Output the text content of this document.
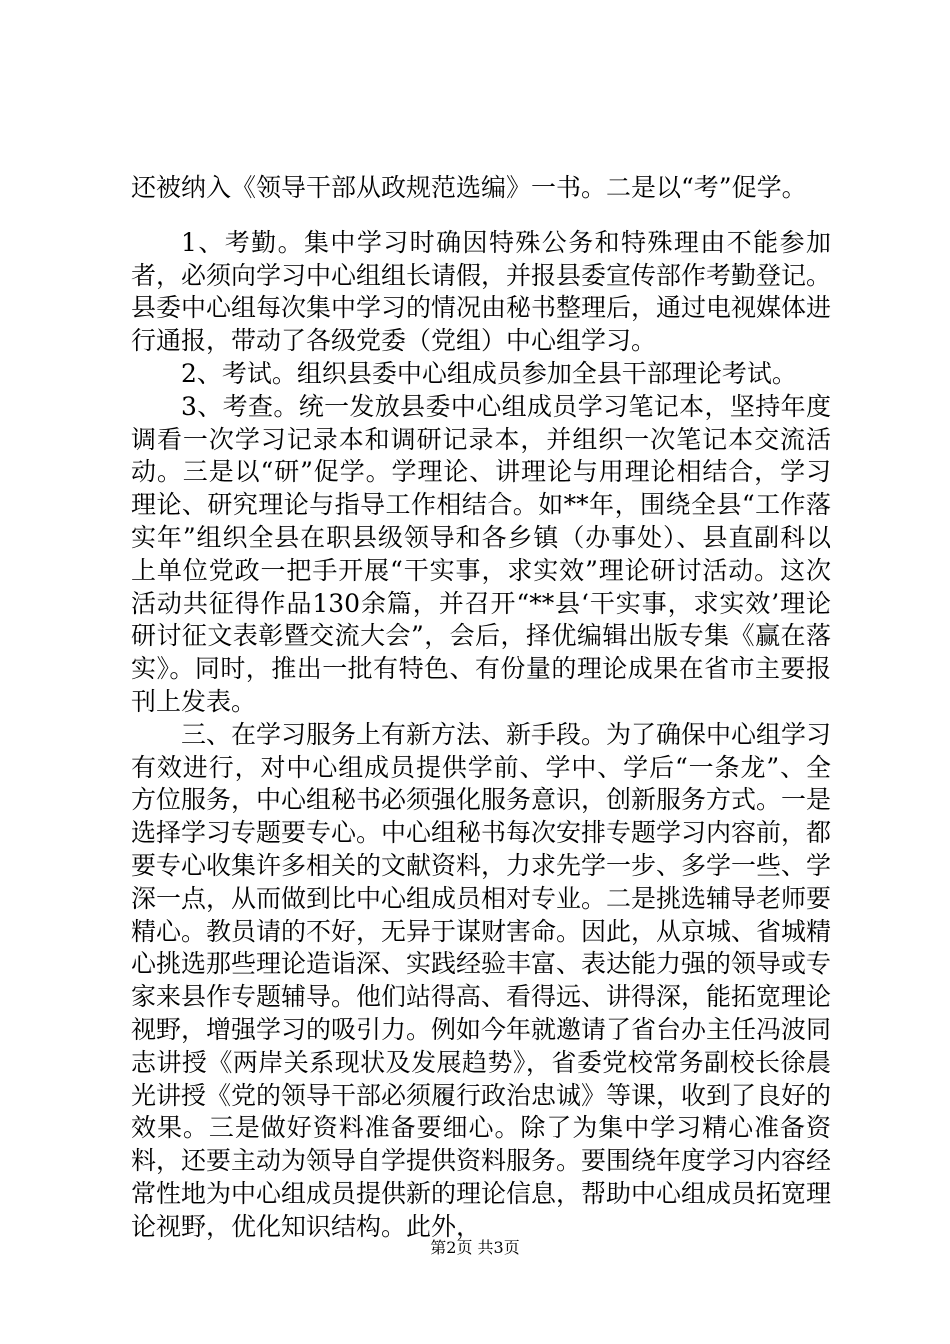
还被纳入《领导干部从政规范选编》一书。二是以“考”促学。

1、考勤。集中学习时确因特殊公务和特殊理由不能参加者，必须向学习中心组组长请假，并报县委宣传部作考勤登记。县委中心组每次集中学习的情况由秘书整理后，通过电视媒体进行通报，带动了各级党委（党组）中心组学习。

2、考试。组织县委中心组成员参加全县干部理论考试。

3、考查。统一发放县委中心组成员学习笔记本，坚持年度调看一次学习记录本和调研记录本，并组织一次笔记本交流活动。三是以“研”促学。学理论、讲理论与用理论相结合，学习理论、研究理论与指导工作相结合。如**年，围绕全县“工作落实年”组织全县在职县级领导和各乡镇（办事处）、县直副科以上单位党政一把手开展“干实事，求实效”理论研讨活动。这次活动共征得作品130余篇，并召开“**县‘干实事，求实效’理论研讨征文表彰暨交流大会”，会后，择优编辑出版专集《赢在落实》。同时，推出一批有特色、有份量的理论成果在省市主要报刊上发表。

三、在学习服务上有新方法、新手段。为了确保中心组学习有效进行，对中心组成员提供学前、学中、学后“一条龙”、全方位服务，中心组秘书必须强化服务意识，创新服务方式。一是选择学习专题要专心。中心组秘书每次安排专题学习内容前，都要专心收集许多相关的文献资料，力求先学一步、多学一些、学深一点，从而做到比中心组成员相对专业。二是挑选辅导老师要精心。教员请的不好，无异于谋财害命。因此，从京城、省城精心挑选那些理论造诣深、实践经验丰富、表达能力强的领导或专家来县作专题辅导。他们站得高、看得远、讲得深，能拓宽理论视野，增强学习的吸引力。例如今年就邀请了省台办主任冯波同志讲授《两岸关系现状及发展趋势》，省委党校常务副校长徐晨光讲授《党的领导干部必须履行政治忠诚》等课，收到了良好的效果。三是做好资料准备要细心。除了为集中学习精心准备资料，还要主动为领导自学提供资料服务。要围绕年度学习内容经常性地为中心组成员提供新的理论信息，帮助中心组成员拓宽理论视野，优化知识结构。此外，

第2页 共3页
